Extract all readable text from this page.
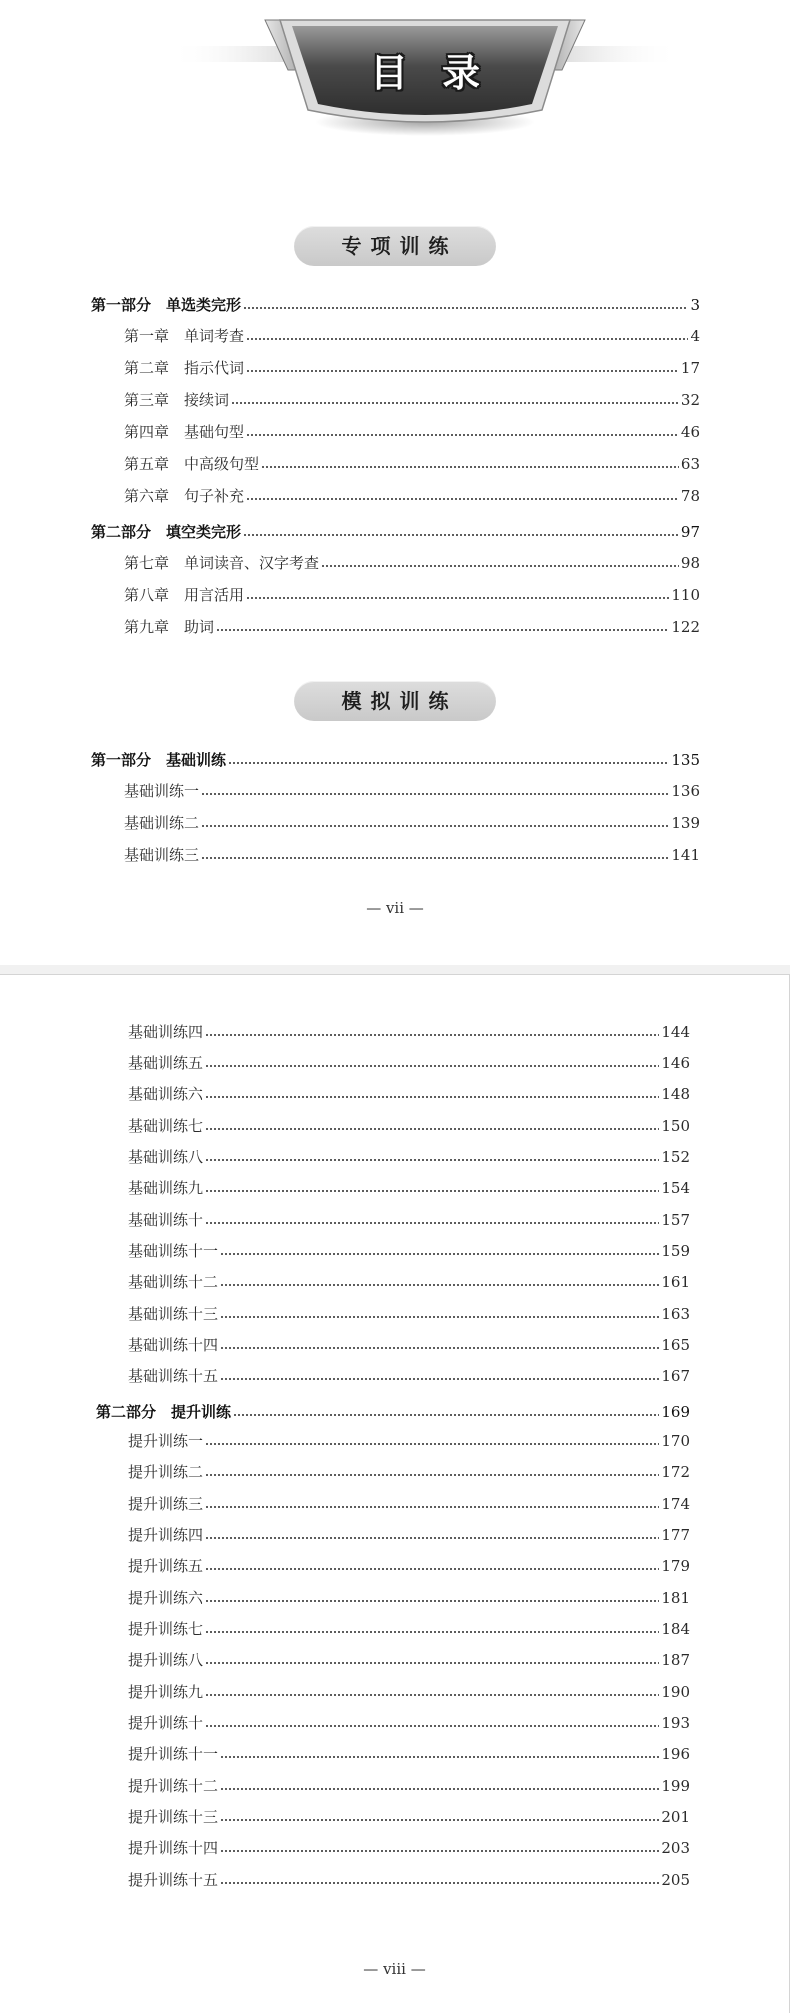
目录
专项训练
第一部分　单选类完形	3
第一章　单词考查	4
第二章　指示代词	17
第三章　接续词	32
第四章　基础句型	46
第五章　中高级句型	63
第六章　句子补充	78
第二部分　填空类完形	97
第七章　单词读音、汉字考查	98
第八章　用言活用	110
第九章　助词	122
模拟训练
第一部分　基础训练	135
基础训练一	136
基础训练二	139
基础训练三	141
— vii —
基础训练四	144
基础训练五	146
基础训练六	148
基础训练七	150
基础训练八	152
基础训练九	154
基础训练十	157
基础训练十一	159
基础训练十二	161
基础训练十三	163
基础训练十四	165
基础训练十五	167
第二部分　提升训练	169
提升训练一	170
提升训练二	172
提升训练三	174
提升训练四	177
提升训练五	179
提升训练六	181
提升训练七	184
提升训练八	187
提升训练九	190
提升训练十	193
提升训练十一	196
提升训练十二	199
提升训练十三	201
提升训练十四	203
提升训练十五	205
— viii —
